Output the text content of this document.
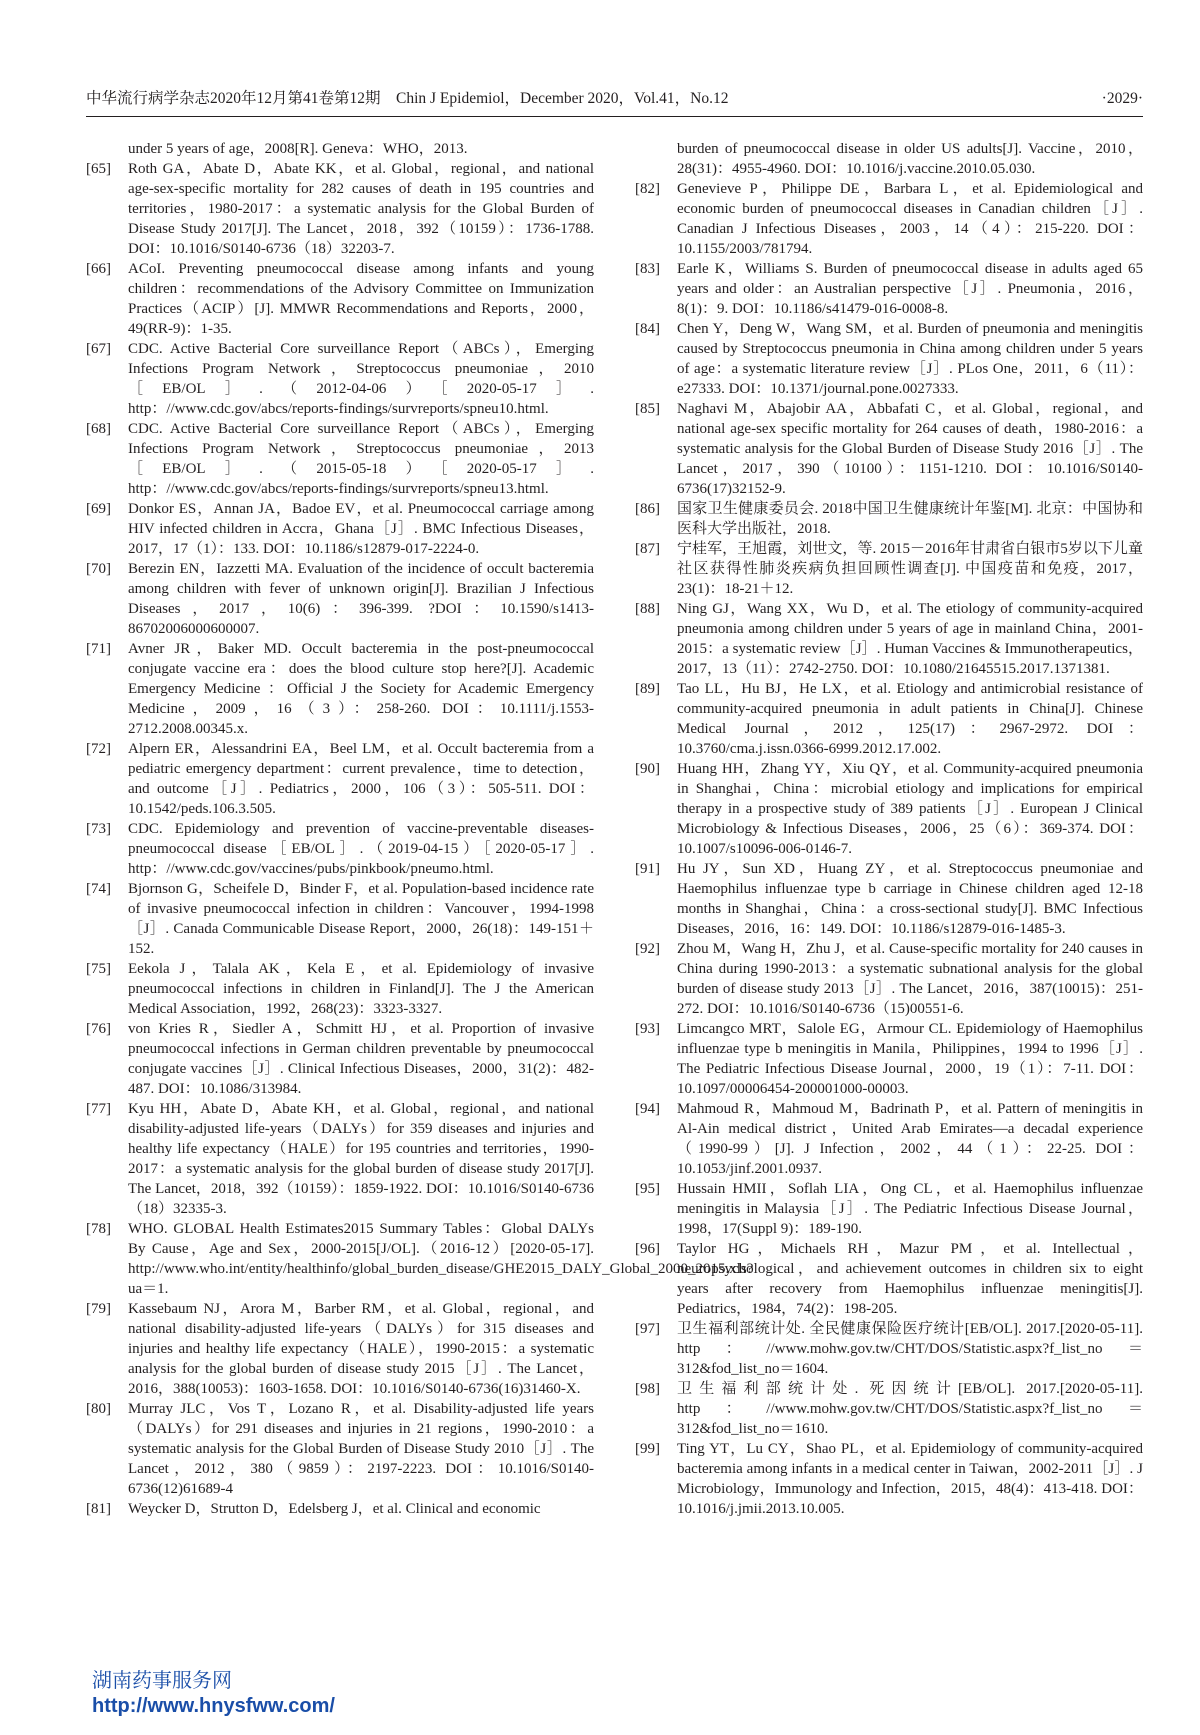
中华流行病学杂志2020年12月第41卷第12期　Chin J Epidemiol，December 2020，Vol.41，No.12	·2029·
under 5 years of age，2008[R]. Geneva：WHO，2013.
[65]	Roth GA，Abate D，Abate KK，et al. Global，regional，and national age-sex-specific mortality for 282 causes of death in 195 countries and territories，1980-2017：a systematic analysis for the Global Burden of Disease Study 2017[J]. The Lancet，2018，392（10159）：1736-1788. DOI：10.1016/S0140-6736（18）32203-7.
[66]	ACoI. Preventing pneumococcal disease among infants and young children：recommendations of the Advisory Committee on Immunization Practices（ACIP）[J]. MMWR Recommendations and Reports，2000，49(RR-9)：1-35.
[67]	CDC. Active Bacterial Core surveillance Report（ABCs），Emerging Infections Program Network，Streptococcus pneumoniae，2010［EB/OL］.（2012-04-06）［2020-05-17］. http：//www.cdc.gov/abcs/reports-findings/survreports/spneu10.html.
[68]	CDC. Active Bacterial Core surveillance Report（ABCs），Emerging Infections Program Network，Streptococcus pneumoniae，2013［EB/OL］.（2015-05-18）［2020-05-17］. http：//www.cdc.gov/abcs/reports-findings/survreports/spneu13.html.
[69]	Donkor ES，Annan JA，Badoe EV，et al. Pneumococcal carriage among HIV infected children in Accra，Ghana［J］. BMC Infectious Diseases，2017，17（1）：133. DOI：10.1186/s12879-017-2224-0.
[70]	Berezin EN，Iazzetti MA. Evaluation of the incidence of occult bacteremia among children with fever of unknown origin[J]. Brazilian J Infectious Diseases，2017，10(6)：396-399. ?DOI：10.1590/s1413-86702006000600007.
[71]	Avner JR，Baker MD. Occult bacteremia in the post-pneumococcal conjugate vaccine era：does the blood culture stop here?[J]. Academic Emergency Medicine ：Official J the Society for Academic Emergency Medicine，2009，16（3）：258-260. DOI：10.1111/j.1553-2712.2008.00345.x.
[72]	Alpern ER，Alessandrini EA，Beel LM，et al. Occult bacteremia from a pediatric emergency department：current prevalence，time to detection，and outcome［J］. Pediatrics，2000，106（3）：505-511. DOI：10.1542/peds.106.3.505.
[73]	CDC. Epidemiology and prevention of vaccine-preventable diseases-pneumococcal disease［EB/OL］.（2019-04-15）［2020-05-17］. http：//www.cdc.gov/vaccines/pubs/pinkbook/pneumo.html.
[74]	Bjornson G，Scheifele D，Binder F，et al. Population-based incidence rate of invasive pneumococcal infection in children：Vancouver，1994-1998［J］. Canada Communicable Disease Report，2000，26(18)：149-151＋152.
[75]	Eekola J，Talala AK，Kela E，et al. Epidemiology of invasive pneumococcal infections in children in Finland[J]. The J the American Medical Association，1992，268(23)：3323-3327.
[76]	von Kries R，Siedler A，Schmitt HJ，et al. Proportion of invasive pneumococcal infections in German children preventable by pneumococcal conjugate vaccines［J］. Clinical Infectious Diseases，2000，31(2)：482-487. DOI：10.1086/313984.
[77]	Kyu HH，Abate D，Abate KH，et al. Global，regional，and national disability-adjusted life-years（DALYs）for 359 diseases and injuries and healthy life expectancy（HALE）for 195 countries and territories，1990-2017：a systematic analysis for the global burden of disease study 2017[J]. The Lancet，2018，392（10159）：1859-1922. DOI：10.1016/S0140-6736（18）32335-3.
[78]	WHO. GLOBAL Health Estimates2015 Summary Tables：Global DALYs By Cause，Age and Sex，2000-2015[J/OL].（2016-12）[2020-05-17]. http://www.who.int/entity/healthinfo/global_burden_disease/GHE2015_DALY_Global_2000_2015.xls?ua＝1.
[79]	Kassebaum NJ，Arora M，Barber RM，et al. Global，regional，and national disability-adjusted life-years（DALYs）for 315 diseases and injuries and healthy life expectancy（HALE），1990-2015：a systematic analysis for the global burden of disease study 2015［J］. The Lancet，2016，388(10053)：1603-1658. DOI：10.1016/S0140-6736(16)31460-X.
[80]	Murray JLC，Vos T，Lozano R，et al. Disability-adjusted life years（DALYs）for 291 diseases and injuries in 21 regions，1990-2010：a systematic analysis for the Global Burden of Disease Study 2010［J］. The Lancet，2012，380（9859）：2197-2223. DOI：10.1016/S0140-6736(12)61689-4
[81]	Weycker D，Strutton D，Edelsberg J，et al. Clinical and economic
burden of pneumococcal disease in older US adults[J]. Vaccine，2010，28(31)：4955-4960. DOI：10.1016/j.vaccine.2010.05.030.
[82]	Genevieve P，Philippe DE，Barbara L，et al. Epidemiological and economic burden of pneumococcal diseases in Canadian children［J］. Canadian J Infectious Diseases，2003，14（4）：215-220. DOI：10.1155/2003/781794.
[83]	Earle K，Williams S. Burden of pneumococcal disease in adults aged 65 years and older：an Australian perspective［J］. Pneumonia，2016，8(1)：9. DOI：10.1186/s41479-016-0008-8.
[84]	Chen Y，Deng W，Wang SM，et al. Burden of pneumonia and meningitis caused by Streptococcus pneumonia in China among children under 5 years of age：a systematic literature review［J］. PLos One，2011，6（11）：e27333. DOI：10.1371/journal.pone.0027333.
[85]	Naghavi M，Abajobir AA，Abbafati C，et al. Global，regional，and national age-sex specific mortality for 264 causes of death，1980-2016：a systematic analysis for the Global Burden of Disease Study 2016［J］. The Lancet，2017，390（10100）：1151-1210. DOI：10.1016/S0140-6736(17)32152-9.
[86]	国家卫生健康委员会. 2018中国卫生健康统计年鉴[M]. 北京：中国协和医科大学出版社，2018.
[87]	宁桂军，王旭霞，刘世文，等. 2015－2016年甘肃省白银市5岁以下儿童社区获得性肺炎疾病负担回顾性调查[J]. 中国疫苗和免疫，2017，23(1)：18-21＋12.
[88]	Ning GJ，Wang XX，Wu D，et al. The etiology of community-acquired pneumonia among children under 5 years of age in mainland China，2001-2015：a systematic review［J］. Human Vaccines & Immunotherapeutics，2017，13（11）：2742-2750. DOI：10.1080/21645515.2017.1371381.
[89]	Tao LL，Hu BJ，He LX，et al. Etiology and antimicrobial resistance of community-acquired pneumonia in adult patients in China[J]. Chinese Medical Journal，2012，125(17)：2967-2972. DOI：10.3760/cma.j.issn.0366-6999.2012.17.002.
[90]	Huang HH，Zhang YY，Xiu QY，et al. Community-acquired pneumonia in Shanghai，China：microbial etiology and implications for empirical therapy in a prospective study of 389 patients［J］. European J Clinical Microbiology & Infectious Diseases，2006，25（6）：369-374. DOI：10.1007/s10096-006-0146-7.
[91]	Hu JY，Sun XD，Huang ZY，et al. Streptococcus pneumoniae and Haemophilus influenzae type b carriage in Chinese children aged 12-18 months in Shanghai，China：a cross-sectional study[J]. BMC Infectious Diseases，2016，16：149. DOI：10.1186/s12879-016-1485-3.
[92]	Zhou M，Wang H，Zhu J，et al. Cause-specific mortality for 240 causes in China during 1990-2013：a systematic subnational analysis for the global burden of disease study 2013［J］. The Lancet，2016，387(10015)：251-272. DOI：10.1016/S0140-6736（15)00551-6.
[93]	Limcangco MRT，Salole EG，Armour CL. Epidemiology of Haemophilus influenzae type b meningitis in Manila，Philippines，1994 to 1996［J］. The Pediatric Infectious Disease Journal，2000，19（1）：7-11. DOI：10.1097/00006454-200001000-00003.
[94]	Mahmoud R，Mahmoud M，Badrinath P，et al. Pattern of meningitis in Al-Ain medical district，United Arab Emirates—a decadal experience（1990-99）[J]. J Infection，2002，44（1）：22-25. DOI：10.1053/jinf.2001.0937.
[95]	Hussain HMII，Soflah LIA，Ong CL，et al. Haemophilus influenzae meningitis in Malaysia［J］. The Pediatric Infectious Disease Journal，1998，17(Suppl 9)：189-190.
[96]	Taylor HG，Michaels RH，Mazur PM，et al. Intellectual，neuropsychological，and achievement outcomes in children six to eight years after recovery from Haemophilus influenzae meningitis[J]. Pediatrics，1984，74(2)：198-205.
[97]	卫生福利部统计处. 全民健康保险医疗统计[EB/OL]. 2017.[2020-05-11]. http：//www.mohw.gov.tw/CHT/DOS/Statistic.aspx?f_list_no＝312&fod_list_no＝1604.
[98]	卫生福利部统计处. 死因统计[EB/OL]. 2017.[2020-05-11]. http：//www.mohw.gov.tw/CHT/DOS/Statistic.aspx?f_list_no＝312&fod_list_no＝1610.
[99]	Ting YT，Lu CY，Shao PL，et al. Epidemiology of community-acquired bacteremia among infants in a medical center in Taiwan，2002-2011［J］. J Microbiology，Immunology and Infection，2015，48(4)：413-418. DOI：10.1016/j.jmii.2013.10.005.
湖南药事服务网
http://www.hnysfww.com/
